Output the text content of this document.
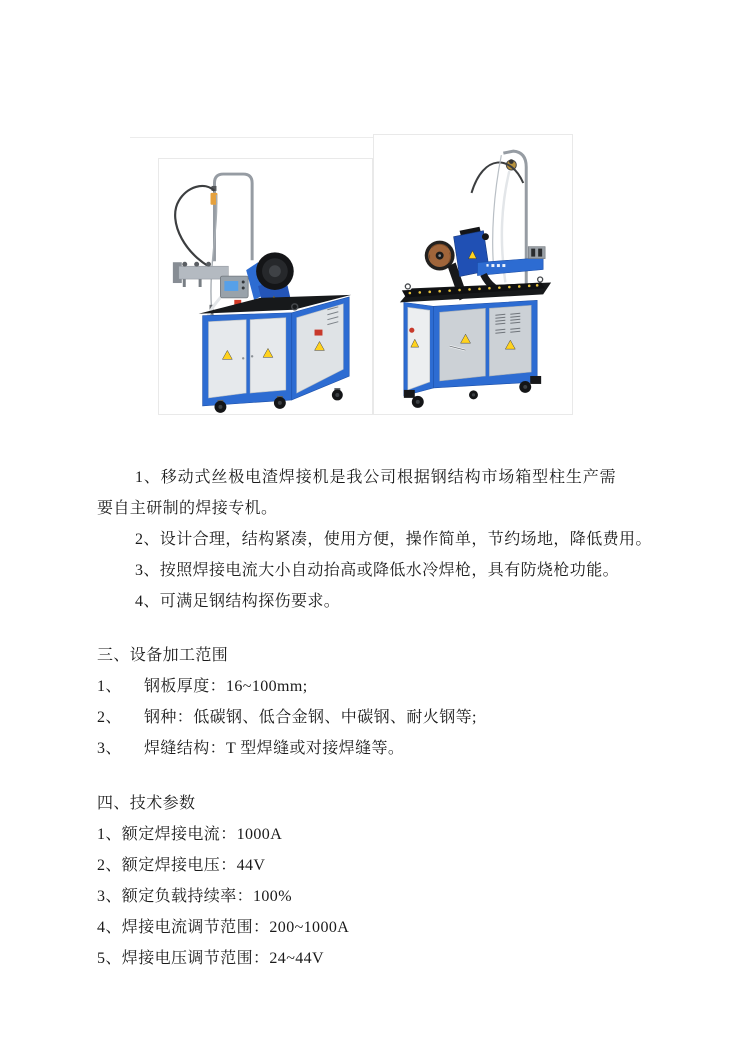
1、移动式丝极电渣焊接机是我公司根据钢结构市场箱型柱生产需要自主研制的焊接专机。

2、设计合理，结构紧凑，使用方便，操作简单，节约场地，降低费用。

3、按照焊接电流大小自动抬高或降低水冷焊枪，具有防烧枪功能。

4、可满足钢结构探伤要求。

三、设备加工范围

1、	钢板厚度：16~100mm;
2、	钢种：低碳钢、低合金钢、中碳钢、耐火钢等;
3、	焊缝结构：T 型焊缝或对接焊缝等。

四、技术参数

1、额定焊接电流：1000A

2、额定焊接电压：44V

3、额定负载持续率：100%

4、焊接电流调节范围：200~1000A

5、焊接电压调节范围：24~44V
